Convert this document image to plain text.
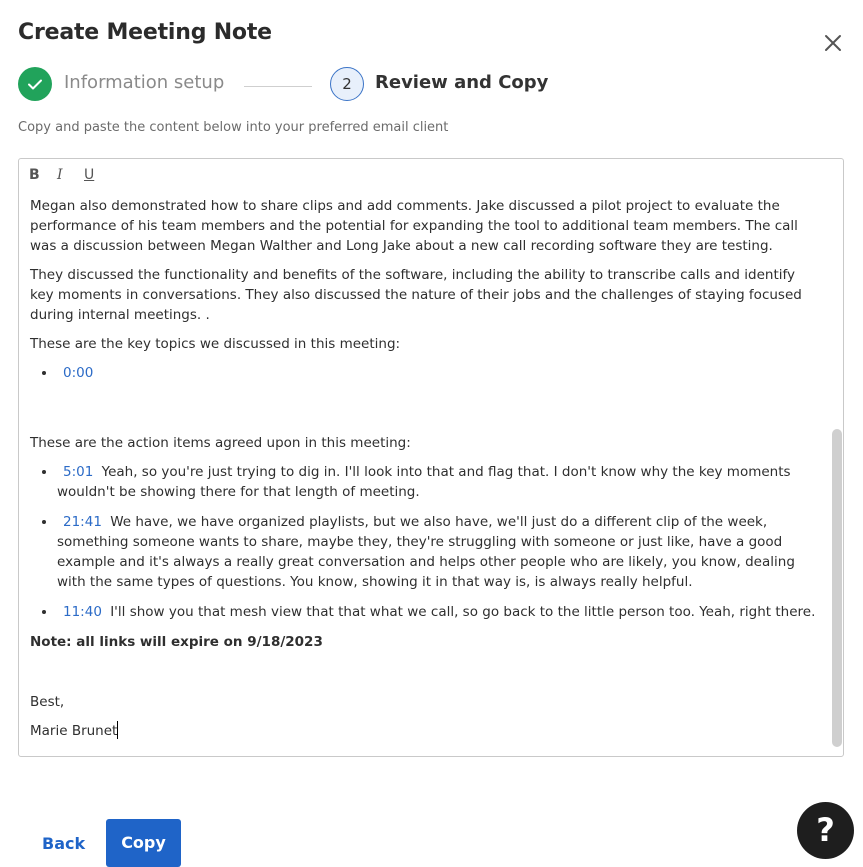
Create Meeting Note
Information setup	2	Review and Copy
Copy and paste the content below into your preferred email client
B I U

Megan also demonstrated how to share clips and add comments. Jake discussed a pilot project to evaluate the performance of his team members and the potential for expanding the tool to additional team members. The call was a discussion between Megan Walther and Long Jake about a new call recording software they are testing.

They discussed the functionality and benefits of the software, including the ability to transcribe calls and identify key moments in conversations. They also discussed the nature of their jobs and the challenges of staying focused during internal meetings. .

These are the key topics we discussed in this meeting:

• 0:00

These are the action items agreed upon in this meeting:

• 5:01 Yeah, so you're just trying to dig in. I'll look into that and flag that. I don't know why the key moments wouldn't be showing there for that length of meeting.
• 21:41 We have, we have organized playlists, but we also have, we'll just do a different clip of the week, something someone wants to share, maybe they, they're struggling with someone or just like, have a good example and it's always a really great conversation and helps other people who are likely, you know, dealing with the same types of questions. You know, showing it in that way is, is always really helpful.
• 11:40 I'll show you that mesh view that that what we call, so go back to the little person too. Yeah, right there.

Note: all links will expire on 9/18/2023

Best,

Marie Brunet

Back	Copy	?
